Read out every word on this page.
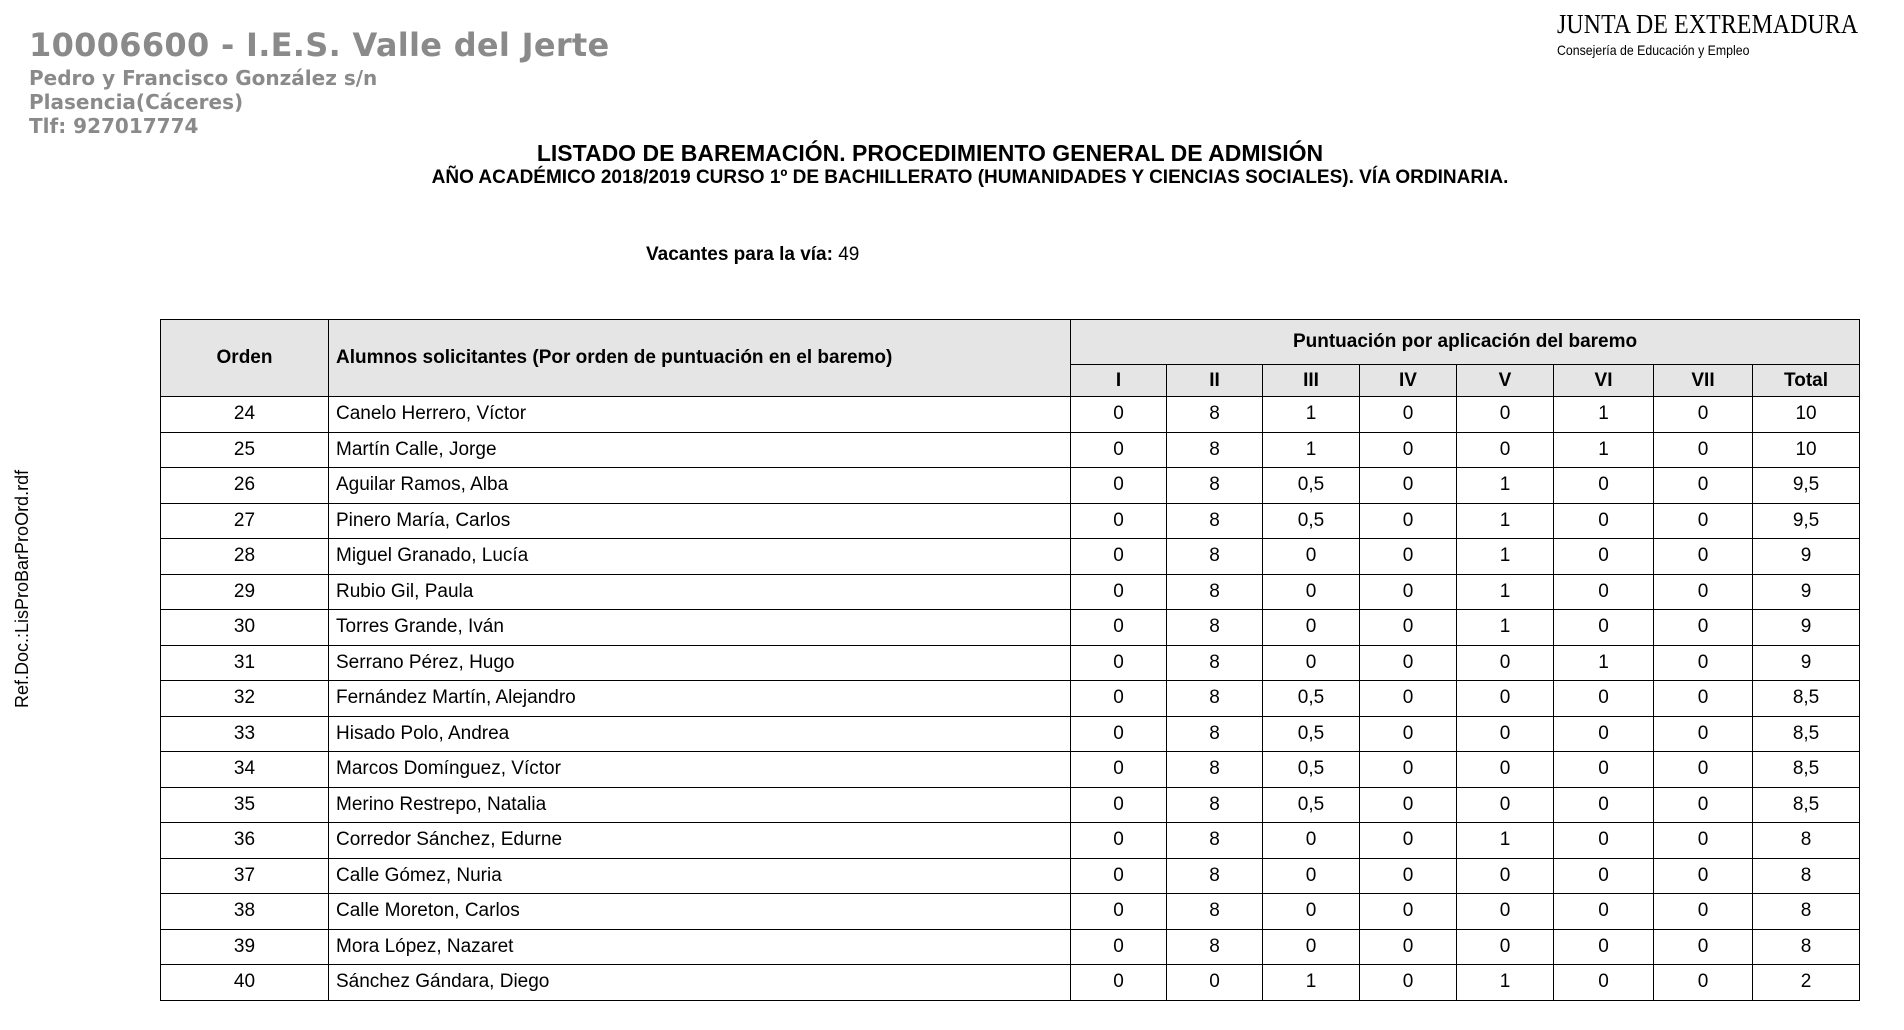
10006600 - I.E.S. Valle del Jerte
Pedro y Francisco González s/n
Plasencia(Cáceres)
Tlf: 927017774
JUNTA DE EXTREMADURA
Consejería de Educación y Empleo
LISTADO DE BAREMACIÓN. PROCEDIMIENTO GENERAL DE ADMISIÓN
AÑO ACADÉMICO 2018/2019 CURSO 1º DE BACHILLERATO (HUMANIDADES Y CIENCIAS SOCIALES). VÍA ORDINARIA.
Vacantes para la vía: 49
Ref.Doc.:LisProBarProOrd.rdf
Orden	Alumnos solicitantes (Por orden de puntuación en el baremo)	Puntuación por aplicación del baremo							
		I	II	III	IV	V	VI	VII	Total
24	Canelo Herrero, Víctor	0	8	1	0	0	1	0	10
25	Martín Calle, Jorge	0	8	1	0	0	1	0	10
26	Aguilar Ramos, Alba	0	8	0,5	0	1	0	0	9,5
27	Pinero María, Carlos	0	8	0,5	0	1	0	0	9,5
28	Miguel Granado, Lucía	0	8	0	0	1	0	0	9
29	Rubio Gil, Paula	0	8	0	0	1	0	0	9
30	Torres Grande, Iván	0	8	0	0	1	0	0	9
31	Serrano Pérez, Hugo	0	8	0	0	0	1	0	9
32	Fernández Martín, Alejandro	0	8	0,5	0	0	0	0	8,5
33	Hisado Polo, Andrea	0	8	0,5	0	0	0	0	8,5
34	Marcos Domínguez, Víctor	0	8	0,5	0	0	0	0	8,5
35	Merino Restrepo, Natalia	0	8	0,5	0	0	0	0	8,5
36	Corredor Sánchez, Edurne	0	8	0	0	1	0	0	8
37	Calle Gómez, Nuria	0	8	0	0	0	0	0	8
38	Calle Moreton, Carlos	0	8	0	0	0	0	0	8
39	Mora López, Nazaret	0	8	0	0	0	0	0	8
40	Sánchez Gándara, Diego	0	0	1	0	1	0	0	2
